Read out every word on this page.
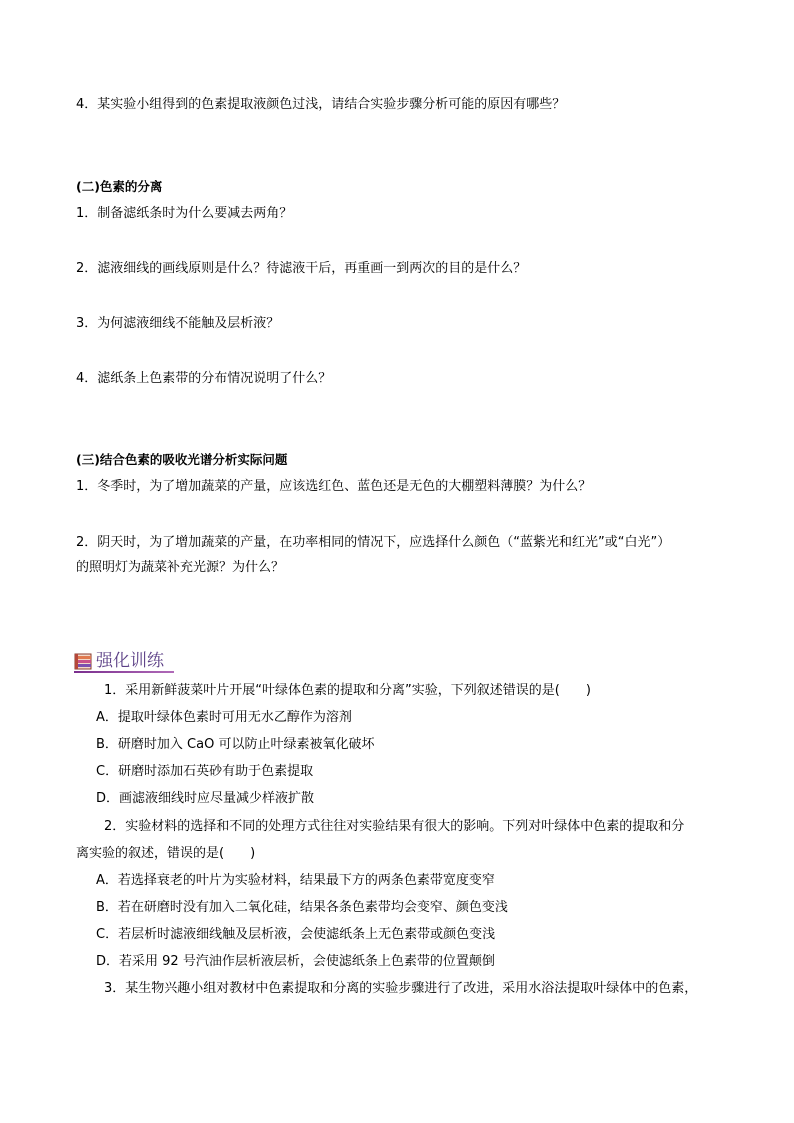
4．某实验小组得到的色素提取液颜色过浅，请结合实验步骤分析可能的原因有哪些？
(二)色素的分离
1．制备滤纸条时为什么要减去两角？
2．滤液细线的画线原则是什么？待滤液干后，再重画一到两次的目的是什么？
3．为何滤液细线不能触及层析液？
4．滤纸条上色素带的分布情况说明了什么？
(三)结合色素的吸收光谱分析实际问题
1．冬季时，为了增加蔬菜的产量，应该选红色、蓝色还是无色的大棚塑料薄膜？为什么？
2．阴天时，为了增加蔬菜的产量，在功率相同的情况下，应选择什么颜色（“蓝紫光和红光”或“白光”）
的照明灯为蔬菜补充光源？为什么？
强化训练
1．采用新鲜菠菜叶片开展“叶绿体色素的提取和分离”实验，下列叙述错误的是(　　)
A．提取叶绿体色素时可用无水乙醇作为溶剂
B．研磨时加入 CaO 可以防止叶绿素被氧化破坏
C．研磨时添加石英砂有助于色素提取
D．画滤液细线时应尽量减少样液扩散
2．实验材料的选择和不同的处理方式往往对实验结果有很大的影响。下列对叶绿体中色素的提取和分
离实验的叙述，错误的是(　　)
A．若选择衰老的叶片为实验材料，结果最下方的两条色素带宽度变窄
B．若在研磨时没有加入二氧化硅，结果各条色素带均会变窄、颜色变浅
C．若层析时滤液细线触及层析液，会使滤纸条上无色素带或颜色变浅
D．若采用 92 号汽油作层析液层析，会使滤纸条上色素带的位置颠倒
3．某生物兴趣小组对教材中色素提取和分离的实验步骤进行了改进，采用水浴法提取叶绿体中的色素，
